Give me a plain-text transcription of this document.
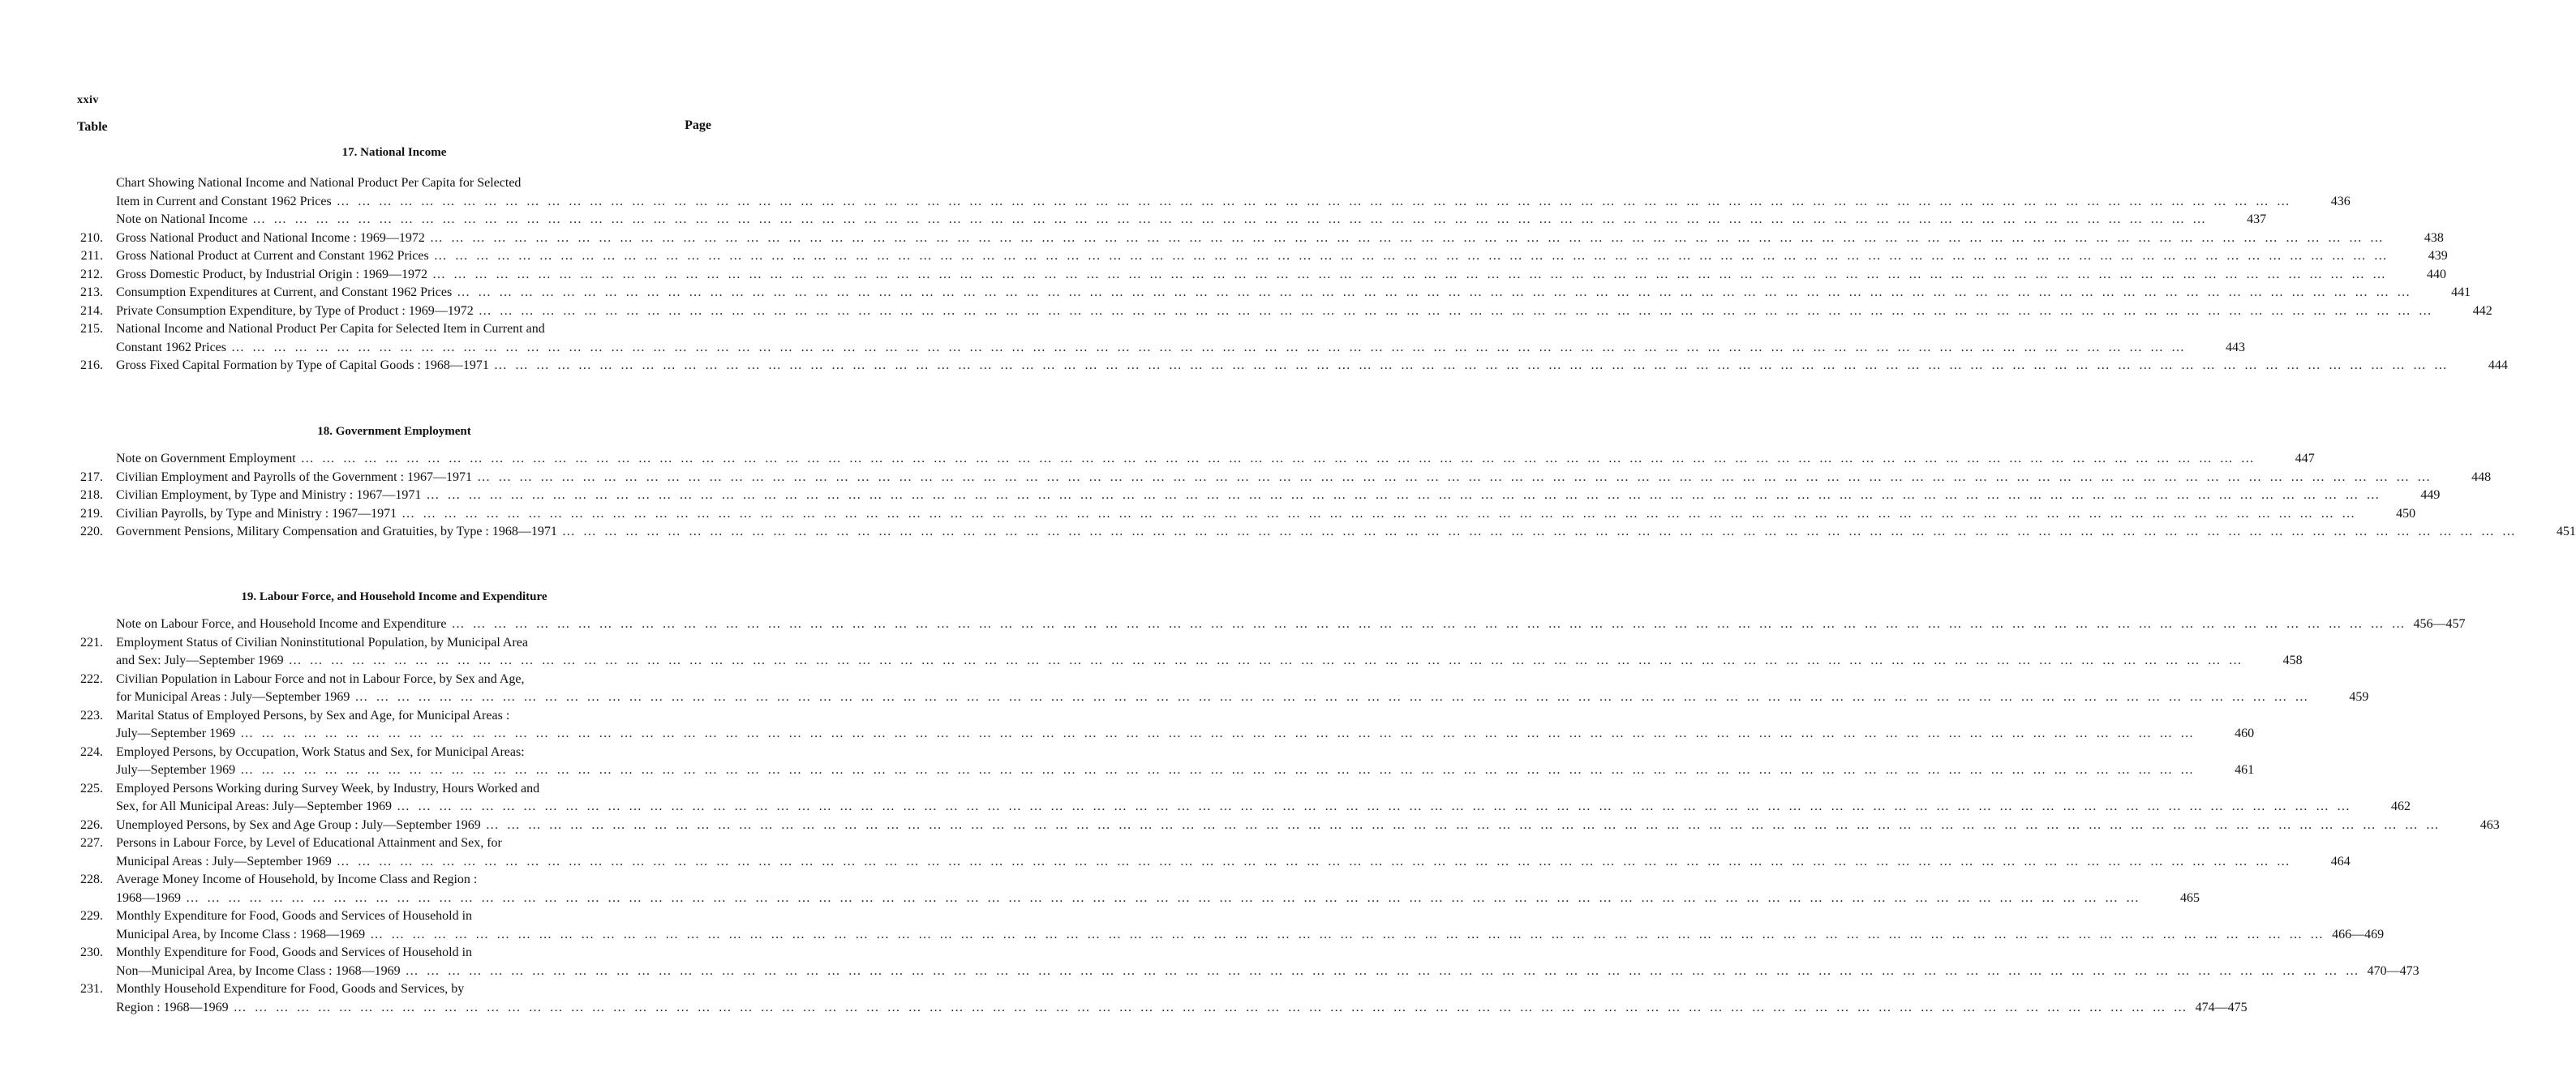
xxiv
Table	Page
17. National Income
Chart Showing National Income and National Product Per Capita for Selected
Item in Current and Constant 1962 Prices … … … … … … … … … … … … … … … … … … … … … … … … … … … … … … … … … … … … … … … … … … … … … … … … … … … … … … … … … … … … … … … … … … … … … … … … … … … … … … … … … … … … … … … … … … … … …	436
Note on National Income … … … … … … … … … … … … … … … … … … … … … … … … … … … … … … … … … … … … … … … … … … … … … … … … … … … … … … … … … … … … … … … … … … … … … … … … … … … … … … … … … … … … … … … … … … … … …	437
210. Gross National Product and National Income : 1969—1972 … … … … … … … … … … … … … … … … … … … … … … … … … … … … … … … … … … … … … … … … … … … … … … … … … … … … … … … … … … … … … … … … … … … … … … … … … … … … … … … … … … … … … … … … … … … … …	438
211. Gross National Product at Current and Constant 1962 Prices … … … … … … … … … … … … … … … … … … … … … … … … … … … … … … … … … … … … … … … … … … … … … … … … … … … … … … … … … … … … … … … … … … … … … … … … … … … … … … … … … … … … … … … … … … … … …	439
212. Gross Domestic Product, by Industrial Origin : 1969—1972 … … … … … … … … … … … … … … … … … … … … … … … … … … … … … … … … … … … … … … … … … … … … … … … … … … … … … … … … … … … … … … … … … … … … … … … … … … … … … … … … … … … … … … … … … … … … …	440
213. Consumption Expenditures at Current, and Constant 1962 Prices … … … … … … … … … … … … … … … … … … … … … … … … … … … … … … … … … … … … … … … … … … … … … … … … … … … … … … … … … … … … … … … … … … … … … … … … … … … … … … … … … … … … … … … … … … … … …	441
214. Private Consumption Expenditure, by Type of Product : 1969—1972 … … … … … … … … … … … … … … … … … … … … … … … … … … … … … … … … … … … … … … … … … … … … … … … … … … … … … … … … … … … … … … … … … … … … … … … … … … … … … … … … … … … … … … … … … … … … …	442
215. National Income and National Product Per Capita for Selected Item in Current and
Constant 1962 Prices … … … … … … … … … … … … … … … … … … … … … … … … … … … … … … … … … … … … … … … … … … … … … … … … … … … … … … … … … … … … … … … … … … … … … … … … … … … … … … … … … … … … … … … … … … … … …	443
216. Gross Fixed Capital Formation by Type of Capital Goods : 1968—1971 … … … … … … … … … … … … … … … … … … … … … … … … … … … … … … … … … … … … … … … … … … … … … … … … … … … … … … … … … … … … … … … … … … … … … … … … … … … … … … … … … … … … … … … … … … … … …	444
18. Government Employment
Note on Government Employment … … … … … … … … … … … … … … … … … … … … … … … … … … … … … … … … … … … … … … … … … … … … … … … … … … … … … … … … … … … … … … … … … … … … … … … … … … … … … … … … … … … … … … … … … … … … …	447
217. Civilian Employment and Payrolls of the Government : 1967—1971 … … … … … … … … … … … … … … … … … … … … … … … … … … … … … … … … … … … … … … … … … … … … … … … … … … … … … … … … … … … … … … … … … … … … … … … … … … … … … … … … … … … … … … … … … … … … …	448
218. Civilian Employment, by Type and Ministry : 1967—1971 … … … … … … … … … … … … … … … … … … … … … … … … … … … … … … … … … … … … … … … … … … … … … … … … … … … … … … … … … … … … … … … … … … … … … … … … … … … … … … … … … … … … … … … … … … … … …	449
219. Civilian Payrolls, by Type and Ministry : 1967—1971 … … … … … … … … … … … … … … … … … … … … … … … … … … … … … … … … … … … … … … … … … … … … … … … … … … … … … … … … … … … … … … … … … … … … … … … … … … … … … … … … … … … … … … … … … … … … …	450
220. Government Pensions, Military Compensation and Gratuities, by Type : 1968—1971 … … … … … … … … … … … … … … … … … … … … … … … … … … … … … … … … … … … … … … … … … … … … … … … … … … … … … … … … … … … … … … … … … … … … … … … … … … … … … … … … … … … … … … … … … … … … …	451
19. Labour Force, and Household Income and Expenditure
Note on Labour Force, and Household Income and Expenditure … … … … … … … … … … … … … … … … … … … … … … … … … … … … … … … … … … … … … … … … … … … … … … … … … … … … … … … … … … … … … … … … … … … … … … … … … … … … … … … … … … … … … … … … … … … … … 456—457
221. Employment Status of Civilian Noninstitutional Population, by Municipal Area
and Sex: July—September 1969 … … … … … … … … … … … … … … … … … … … … … … … … … … … … … … … … … … … … … … … … … … … … … … … … … … … … … … … … … … … … … … … … … … … … … … … … … … … … … … … … … … … … … … … … … … … … …	458
222. Civilian Population in Labour Force and not in Labour Force, by Sex and Age,
for Municipal Areas : July—September 1969 … … … … … … … … … … … … … … … … … … … … … … … … … … … … … … … … … … … … … … … … … … … … … … … … … … … … … … … … … … … … … … … … … … … … … … … … … … … … … … … … … … … … … … … … … … … … …	459
223. Marital Status of Employed Persons, by Sex and Age, for Municipal Areas :
July—September 1969 … … … … … … … … … … … … … … … … … … … … … … … … … … … … … … … … … … … … … … … … … … … … … … … … … … … … … … … … … … … … … … … … … … … … … … … … … … … … … … … … … … … … … … … … … … … … …	460
224. Employed Persons, by Occupation, Work Status and Sex, for Municipal Areas:
July—September 1969 … … … … … … … … … … … … … … … … … … … … … … … … … … … … … … … … … … … … … … … … … … … … … … … … … … … … … … … … … … … … … … … … … … … … … … … … … … … … … … … … … … … … … … … … … … … … …	461
225. Employed Persons Working during Survey Week, by Industry, Hours Worked and
Sex, for All Municipal Areas: July—September 1969 … … … … … … … … … … … … … … … … … … … … … … … … … … … … … … … … … … … … … … … … … … … … … … … … … … … … … … … … … … … … … … … … … … … … … … … … … … … … … … … … … … … … … … … … … … … … …	462
226. Unemployed Persons, by Sex and Age Group : July—September 1969 … … … … … … … … … … … … … … … … … … … … … … … … … … … … … … … … … … … … … … … … … … … … … … … … … … … … … … … … … … … … … … … … … … … … … … … … … … … … … … … … … … … … … … … … … … … … …	463
227. Persons in Labour Force, by Level of Educational Attainment and Sex, for
Municipal Areas : July—September 1969 … … … … … … … … … … … … … … … … … … … … … … … … … … … … … … … … … … … … … … … … … … … … … … … … … … … … … … … … … … … … … … … … … … … … … … … … … … … … … … … … … … … … … … … … … … … … …	464
228. Average Money Income of Household, by Income Class and Region :
1968—1969 … … … … … … … … … … … … … … … … … … … … … … … … … … … … … … … … … … … … … … … … … … … … … … … … … … … … … … … … … … … … … … … … … … … … … … … … … … … … … … … … … … … … … … … … … … … … …	465
229. Monthly Expenditure for Food, Goods and Services of Household in
Municipal Area, by Income Class : 1968—1969 … … … … … … … … … … … … … … … … … … … … … … … … … … … … … … … … … … … … … … … … … … … … … … … … … … … … … … … … … … … … … … … … … … … … … … … … … … … … … … … … … … … … … … … … … … … … … 466—469
230. Monthly Expenditure for Food, Goods and Services of Household in
Non—Municipal Area, by Income Class : 1968—1969 … … … … … … … … … … … … … … … … … … … … … … … … … … … … … … … … … … … … … … … … … … … … … … … … … … … … … … … … … … … … … … … … … … … … … … … … … … … … … … … … … … … … … … … … … … … … … 470—473
231. Monthly Household Expenditure for Food, Goods and Services, by
Region : 1968—1969 … … … … … … … … … … … … … … … … … … … … … … … … … … … … … … … … … … … … … … … … … … … … … … … … … … … … … … … … … … … … … … … … … … … … … … … … … … … … … … … … … … … … … … … … … … … … … 474—475
